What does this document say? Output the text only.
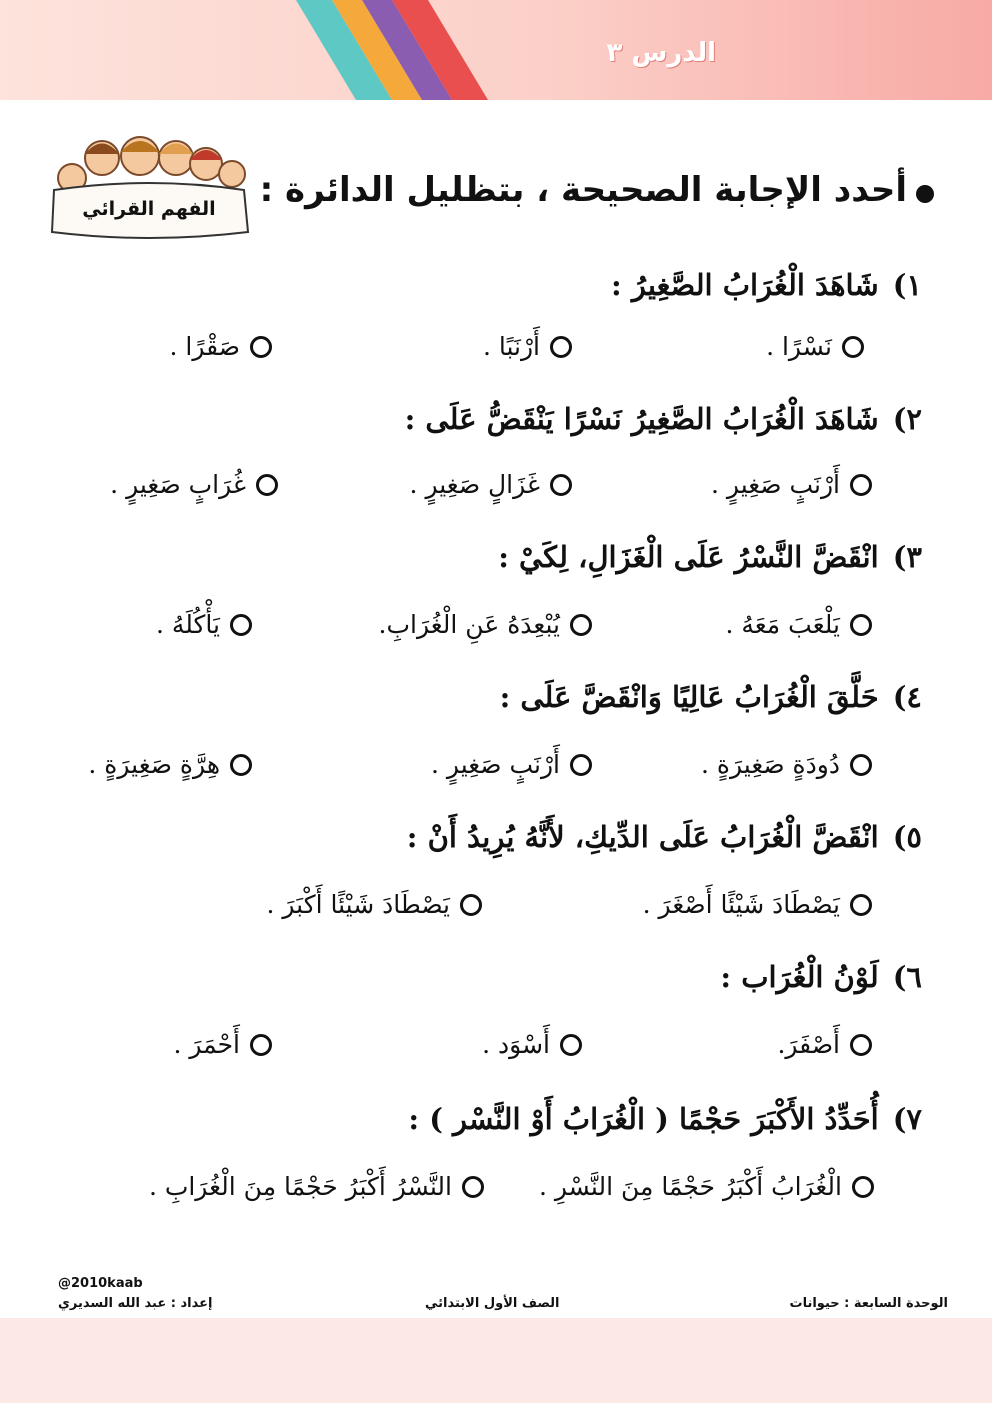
الدرس ٣
الفهم القرائي	أحدد الإجابة الصحيحة ، بتظليل الدائرة :
١)شَاهَدَ الْغُرَابُ الصَّغِيرُ :
نَسْرًا .
أَرْنَبًا .
صَقْرًا .
٢)شَاهَدَ الْغُرَابُ الصَّغِيرُ نَسْرًا يَنْقَضُّ عَلَى :
أَرْنَبٍ صَغِيرٍ .
غَزَالٍ صَغِيرٍ .
غُرَابٍ صَغِيرٍ .
٣)انْقَضَّ النَّسْرُ عَلَى الْغَزَالِ، لِكَيْ :
يَلْعَبَ مَعَهُ .
يُبْعِدَهُ عَنِ الْغُرَابِ.
يَأْكُلَهُ .
٤)حَلَّقَ الْغُرَابُ عَالِيًا وَانْقَضَّ عَلَى :
دُودَةٍ صَغِيرَةٍ .
أَرْنَبٍ صَغِيرٍ .
هِرَّةٍ صَغِيرَةٍ .
٥)انْقَضَّ الْغُرَابُ عَلَى الدِّيكِ، لأَنَّهُ يُرِيدُ أَنْ :
يَصْطَادَ شَيْئًا أَصْغَرَ .
يَصْطَادَ شَيْئًا أَكْبَرَ .
٦)لَوْنُ الْغُرَاب :
أَصْفَرَ.
أَسْوَد .
أَحْمَرَ .
٧)أُحَدِّدُ الأَكْبَرَ حَجْمًا ( الْغُرَابُ أَوْ النَّسْر ) :
الْغُرَابُ أَكْبَرُ حَجْمًا مِنَ النَّسْرِ .
النَّسْرُ أَكْبَرُ حَجْمًا مِنَ الْغُرَابِ .
@2010kaab
إعداد : عبد الله السديري	الصف الأول الابتدائي	الوحدة السابعة : حيوانات
